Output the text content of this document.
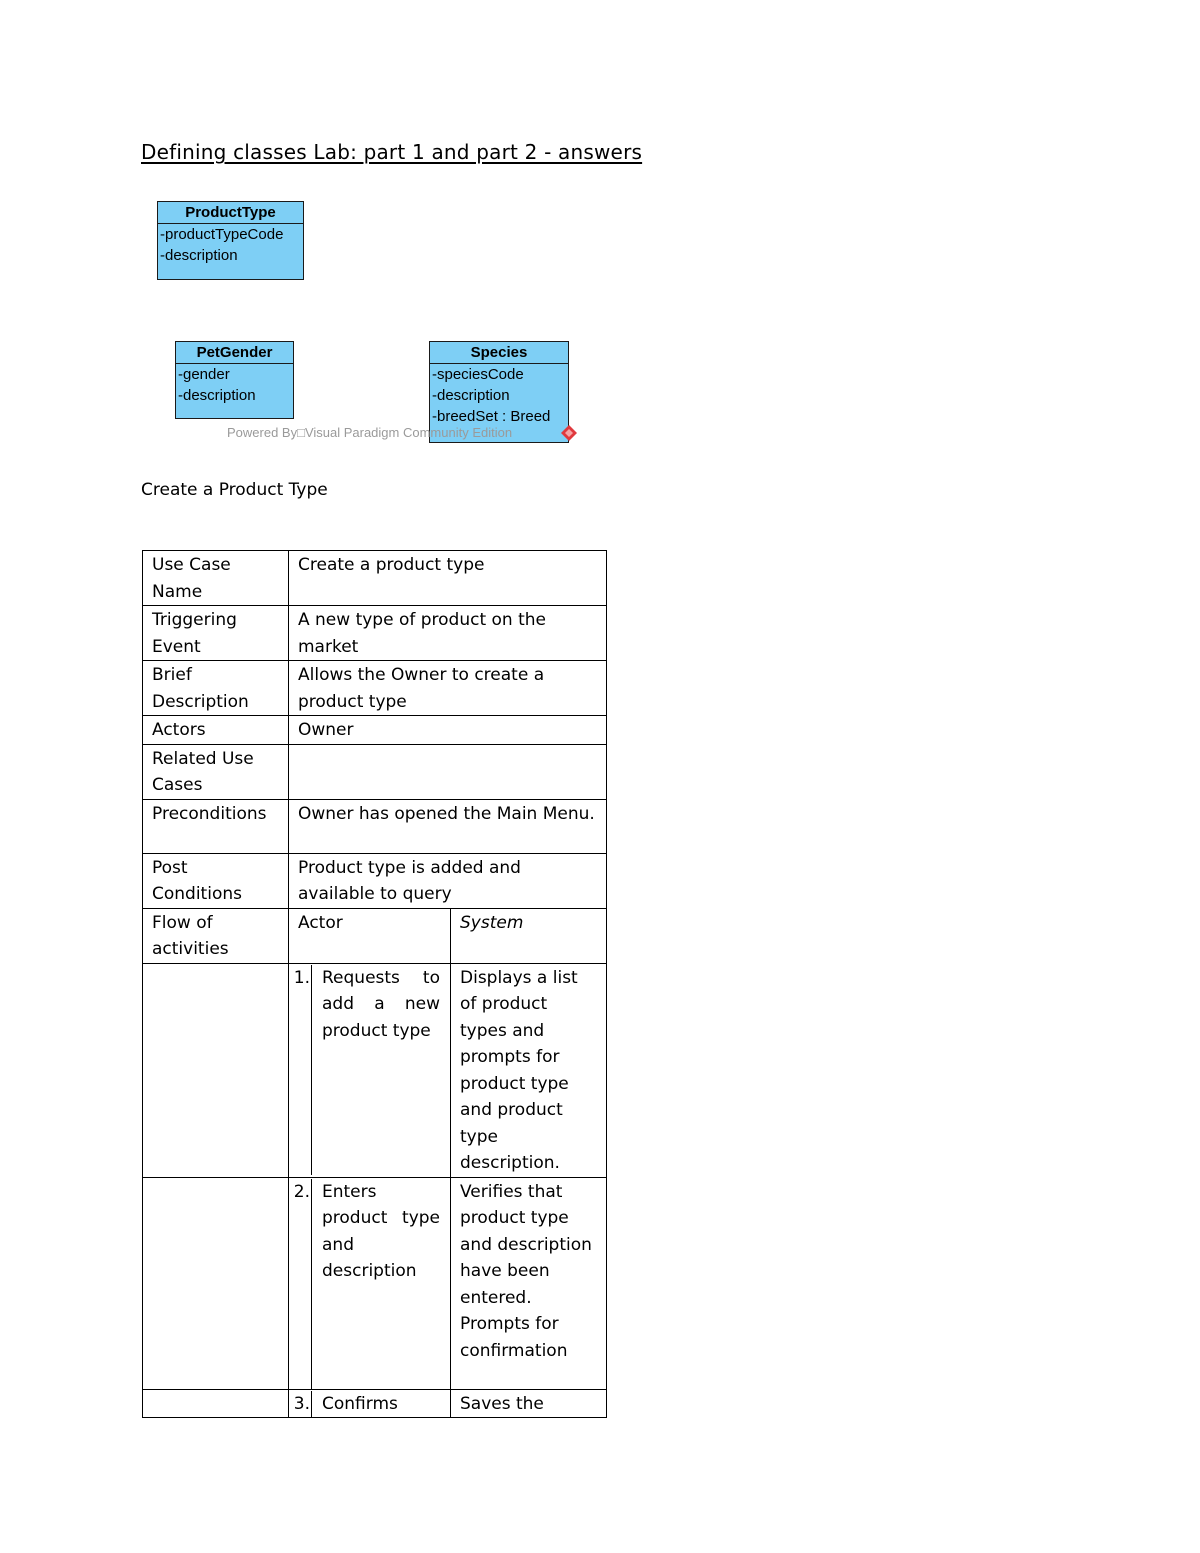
Defining classes Lab: part 1 and part 2 - answers
ProductType
-productTypeCode
-description
PetGender
-gender
-description
Species
-speciesCode
-description
-breedSet : Breed
Powered By□Visual Paradigm Community Edition
Create a Product Type
Use Case Name	Create a product type	
Triggering Event	A new type of product on the market	
Brief Description	Allows the Owner to create a product type	
Actors	Owner	
Related Use Cases		
Preconditions	Owner has opened the Main Menu.	
Post Conditions	Product type is added and available to query	
Flow of activities	Actor	System

	1. Requests to add a new product type	Displays a list of product types and prompts for product type and product type description.

	2. Enters product type and description	Verifies that product type and description have been entered. Prompts for confirmation

	3. Confirms	Saves the
